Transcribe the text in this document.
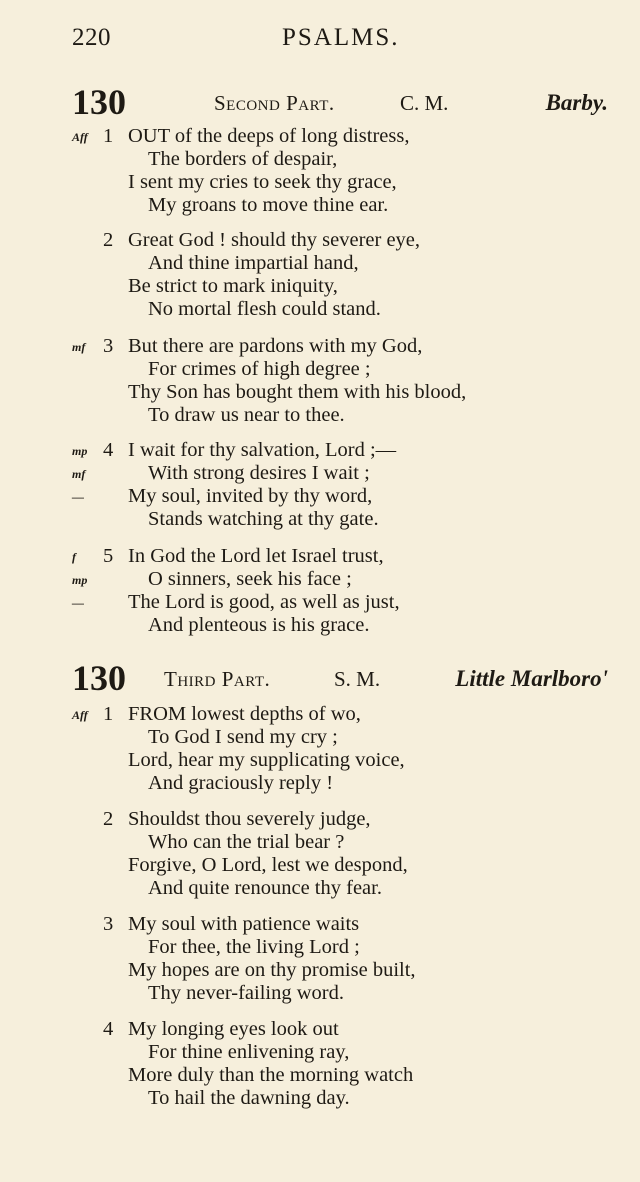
220	PSALMS.
130	Second Part.	C. M.	Barby.
Aff 1 OUT of the deeps of long distress,
The borders of despair,
I sent my cries to seek thy grace,
My groans to move thine ear.
2 Great God ! should thy severer eye,
And thine impartial hand,
Be strict to mark iniquity,
No mortal flesh could stand.
mf 3 But there are pardons with my God,
For crimes of high degree ;
Thy Son has bought them with his blood,
To draw us near to thee.
mp 4 I wait for thy salvation, Lord ;—
mf	With strong desires I wait ;
— My soul, invited by thy word,
Stands watching at thy gate.
f 5 In God the Lord let Israel trust,
mp	O sinners, seek his face ;
— The Lord is good, as well as just,
And plenteous is his grace.
130 Third Part.	S. M.	Little Marlboro'
Aff 1 FROM lowest depths of wo,
To God I send my cry ;
Lord, hear my supplicating voice,
And graciously reply !
2 Shouldst thou severely judge,
Who can the trial bear ?
Forgive, O Lord, lest we despond,
And quite renounce thy fear.
3 My soul with patience waits
For thee, the living Lord ;
My hopes are on thy promise built,
Thy never-failing word.
4 My longing eyes look out
For thine enlivening ray,
More duly than the morning watch
To hail the dawning day.
